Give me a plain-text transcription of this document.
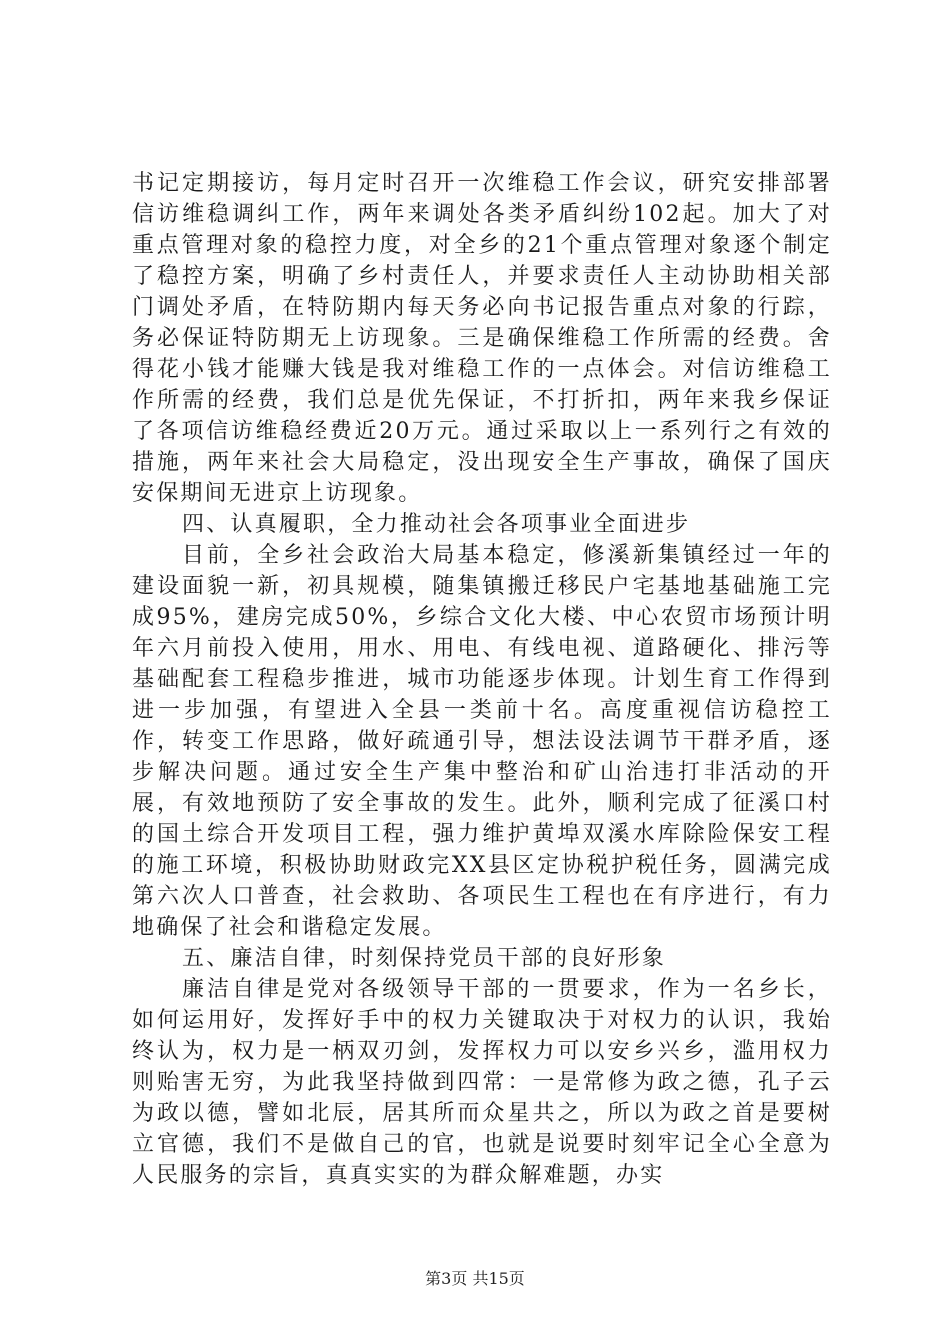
书记定期接访，每月定时召开一次维稳工作会议，研究安排部署信访维稳调纠工作，两年来调处各类矛盾纠纷102起。加大了对重点管理对象的稳控力度，对全乡的21个重点管理对象逐个制定了稳控方案，明确了乡村责任人，并要求责任人主动协助相关部门调处矛盾，在特防期内每天务必向书记报告重点对象的行踪，务必保证特防期无上访现象。三是确保维稳工作所需的经费。舍得花小钱才能赚大钱是我对维稳工作的一点体会。对信访维稳工作所需的经费，我们总是优先保证，不打折扣，两年来我乡保证了各项信访维稳经费近20万元。通过采取以上一系列行之有效的措施，两年来社会大局稳定，没出现安全生产事故，确保了国庆安保期间无进京上访现象。

四、认真履职，全力推动社会各项事业全面进步

目前，全乡社会政治大局基本稳定，修溪新集镇经过一年的建设面貌一新，初具规模，随集镇搬迁移民户宅基地基础施工完成95%，建房完成50%，乡综合文化大楼、中心农贸市场预计明年六月前投入使用，用水、用电、有线电视、道路硬化、排污等基础配套工程稳步推进，城市功能逐步体现。计划生育工作得到进一步加强，有望进入全县一类前十名。高度重视信访稳控工作，转变工作思路，做好疏通引导，想法设法调节干群矛盾，逐步解决问题。通过安全生产集中整治和矿山治违打非活动的开展，有效地预防了安全事故的发生。此外，顺利完成了征溪口村的国土综合开发项目工程，强力维护黄埠双溪水库除险保安工程的施工环境，积极协助财政完XX县区定协税护税任务，圆满完成第六次人口普查，社会救助、各项民生工程也在有序进行，有力地确保了社会和谐稳定发展。

五、廉洁自律，时刻保持党员干部的良好形象

廉洁自律是党对各级领导干部的一贯要求，作为一名乡长，如何运用好，发挥好手中的权力关键取决于对权力的认识，我始终认为，权力是一柄双刃剑，发挥权力可以安乡兴乡，滥用权力则贻害无穷，为此我坚持做到四常：一是常修为政之德，孔子云为政以德，譬如北辰，居其所而众星共之，所以为政之首是要树立官德，我们不是做自己的官，也就是说要时刻牢记全心全意为人民服务的宗旨，真真实实的为群众解难题，办实

第3页 共15页
